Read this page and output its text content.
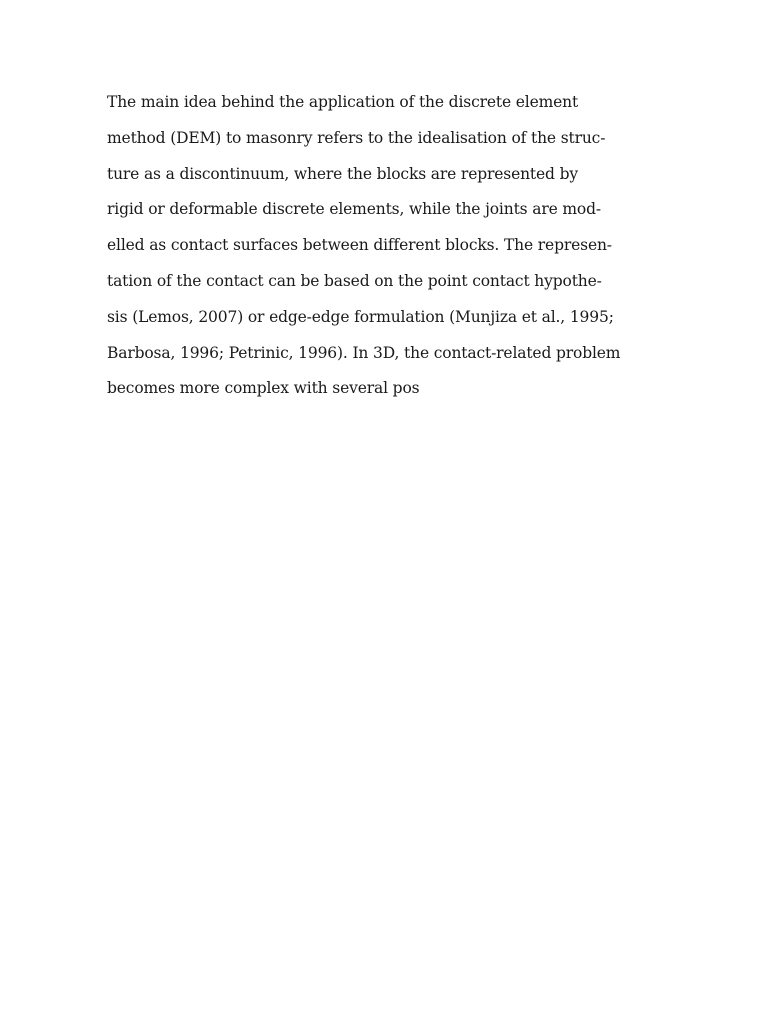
The main idea behind the application of the discrete element
method (DEM) to masonry refers to the idealisation of the struc-
ture as a discontinuum, where the blocks are represented by
rigid or deformable discrete elements, while the joints are mod-
elled as contact surfaces between different blocks. The represen-
tation of the contact can be based on the point contact hypothe-
sis (Lemos, 2007) or edge-edge formulation (Munjiza et al., 1995;
Barbosa, 1996; Petrinic, 1996). In 3D, the contact-related problem
becomes more complex with several pos
